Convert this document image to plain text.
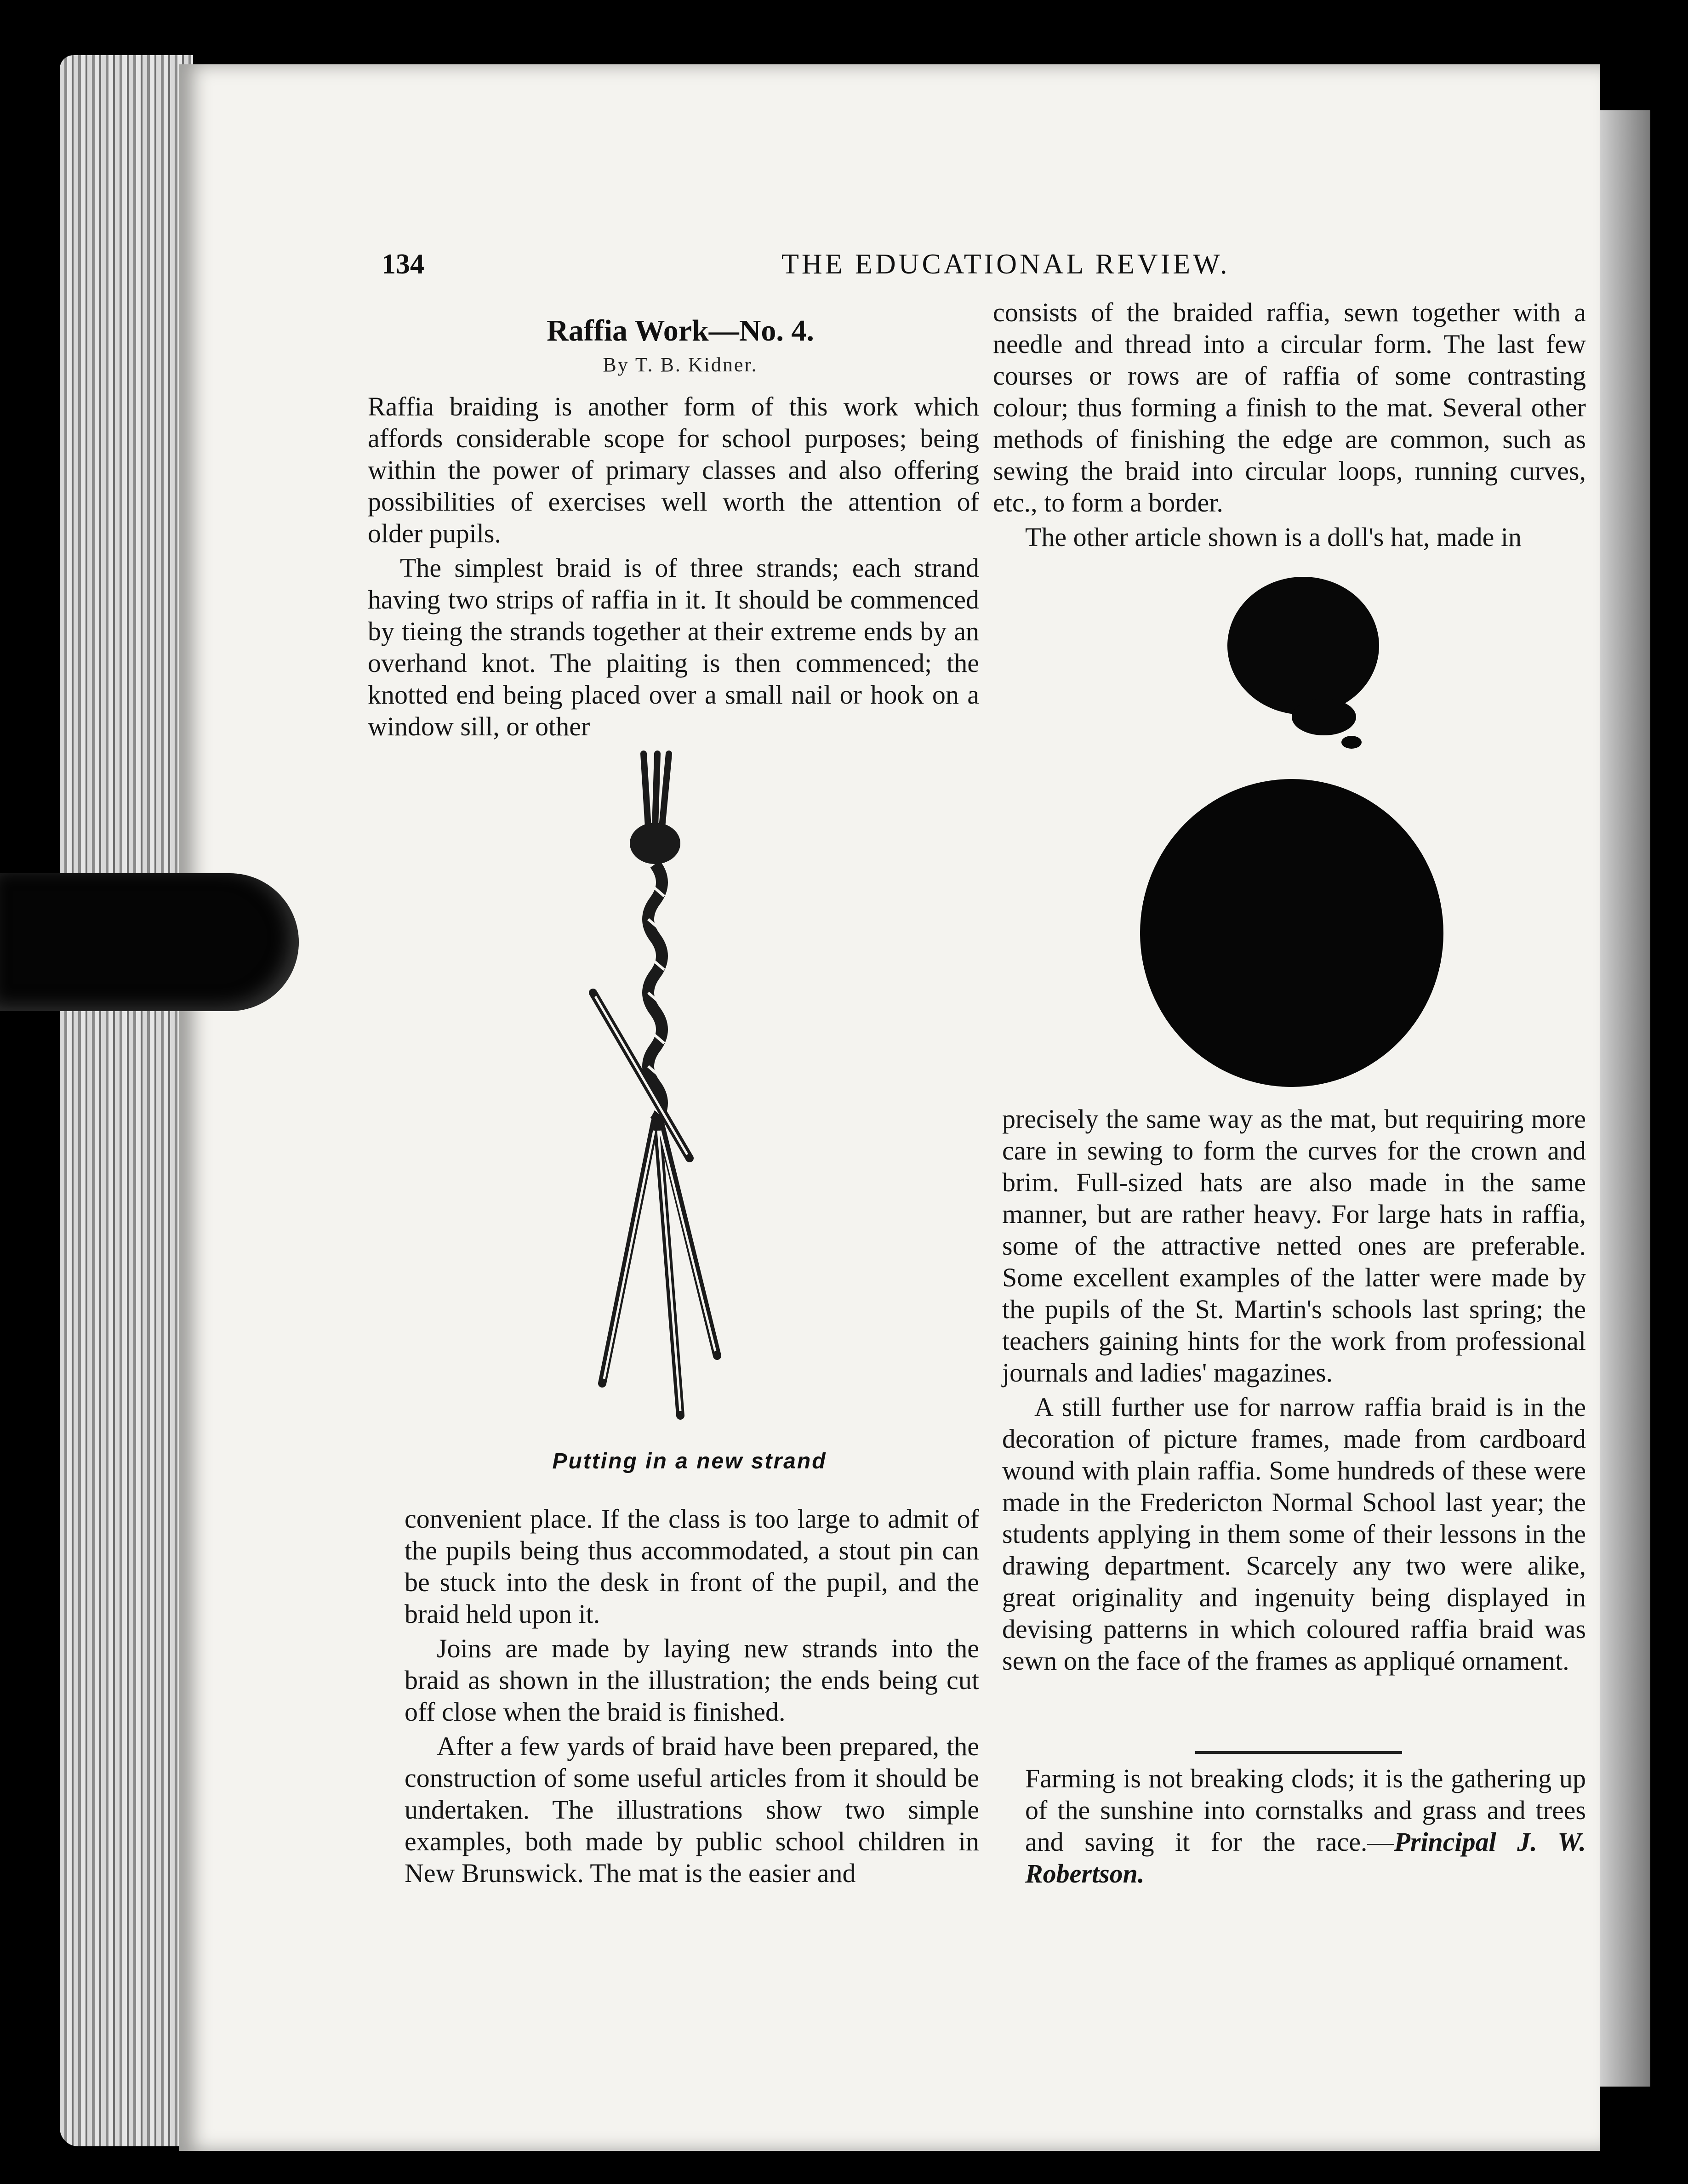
134	THE EDUCATIONAL REVIEW.
Raffia Work—No. 4.
By T. B. Kidner.

Raffia braiding is another form of this work which affords considerable scope for school purposes; being within the power of primary classes and also offering possibilities of exercises well worth the attention of older pupils.

The simplest braid is of three strands; each strand having two strips of raffia in it. It should be commenced by tieing the strands together at their extreme ends by an overhand knot. The plaiting is then commenced; the knotted end being placed over a small nail or hook on a window sill, or other

Putting in a new strand

convenient place. If the class is too large to admit of the pupils being thus accommodated, a stout pin can be stuck into the desk in front of the pupil, and the braid held upon it.

Joins are made by laying new strands into the braid as shown in the illustration; the ends being cut off close when the braid is finished.

After a few yards of braid have been prepared, the construction of some useful articles from it should be undertaken. The illustrations show two simple examples, both made by public school children in New Brunswick. The mat is the easier and

consists of the braided raffia, sewn together with a needle and thread into a circular form. The last few courses or rows are of raffia of some contrasting colour; thus forming a finish to the mat. Several other methods of finishing the edge are common, such as sewing the braid into circular loops, running curves, etc., to form a border.

The other article shown is a doll's hat, made in

precisely the same way as the mat, but requiring more care in sewing to form the curves for the crown and brim. Full-sized hats are also made in the same manner, but are rather heavy. For large hats in raffia, some of the attractive netted ones are preferable. Some excellent examples of the latter were made by the pupils of the St. Martin's schools last spring; the teachers gaining hints for the work from professional journals and ladies' magazines.

A still further use for narrow raffia braid is in the decoration of picture frames, made from cardboard wound with plain raffia. Some hundreds of these were made in the Fredericton Normal School last year; the students applying in them some of their lessons in the drawing department. Scarcely any two were alike, great originality and ingenuity being displayed in devising patterns in which coloured raffia braid was sewn on the face of the frames as appliqué ornament.

Farming is not breaking clods; it is the gathering up of the sunshine into cornstalks and grass and trees and saving it for the race.—Principal J. W. Robertson.
